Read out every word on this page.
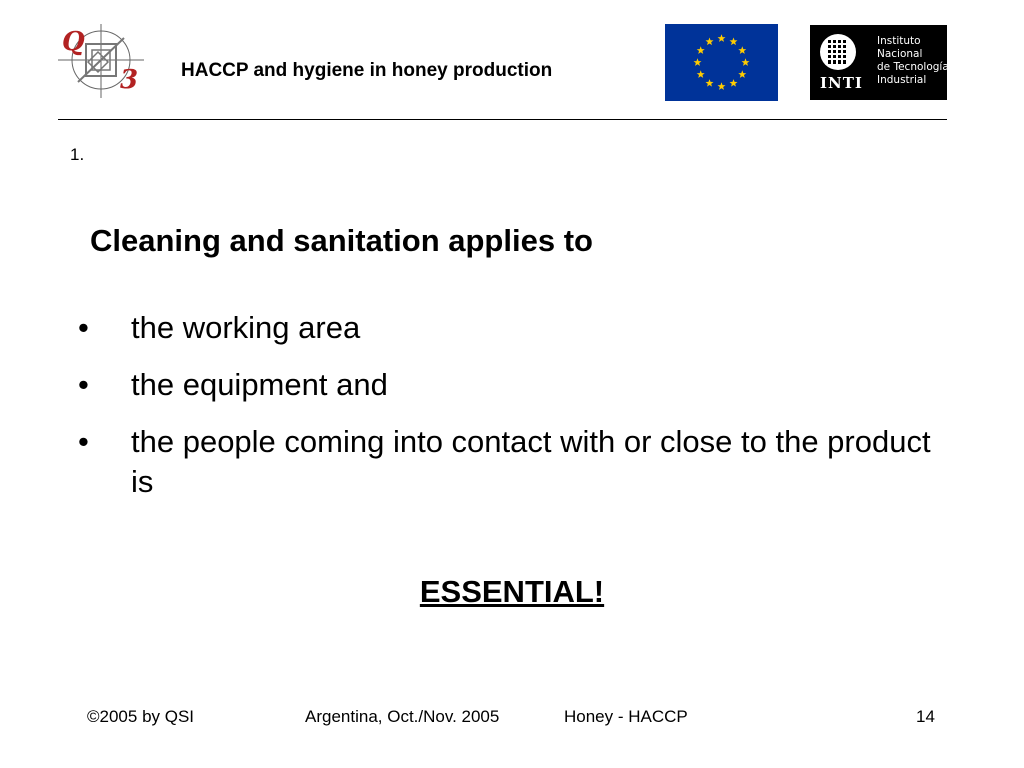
Q
3 HACCP and hygiene in honey production
INTI
Instituto
Nacional
de Tecnología
Industrial
1.
Cleaning and sanitation applies to
•	the working area
•	the equipment and
•	the people coming into contact with or close to the product is
ESSENTIAL!
©2005 by QSI	Argentina, Oct./Nov. 2005	Honey - HACCP	14
